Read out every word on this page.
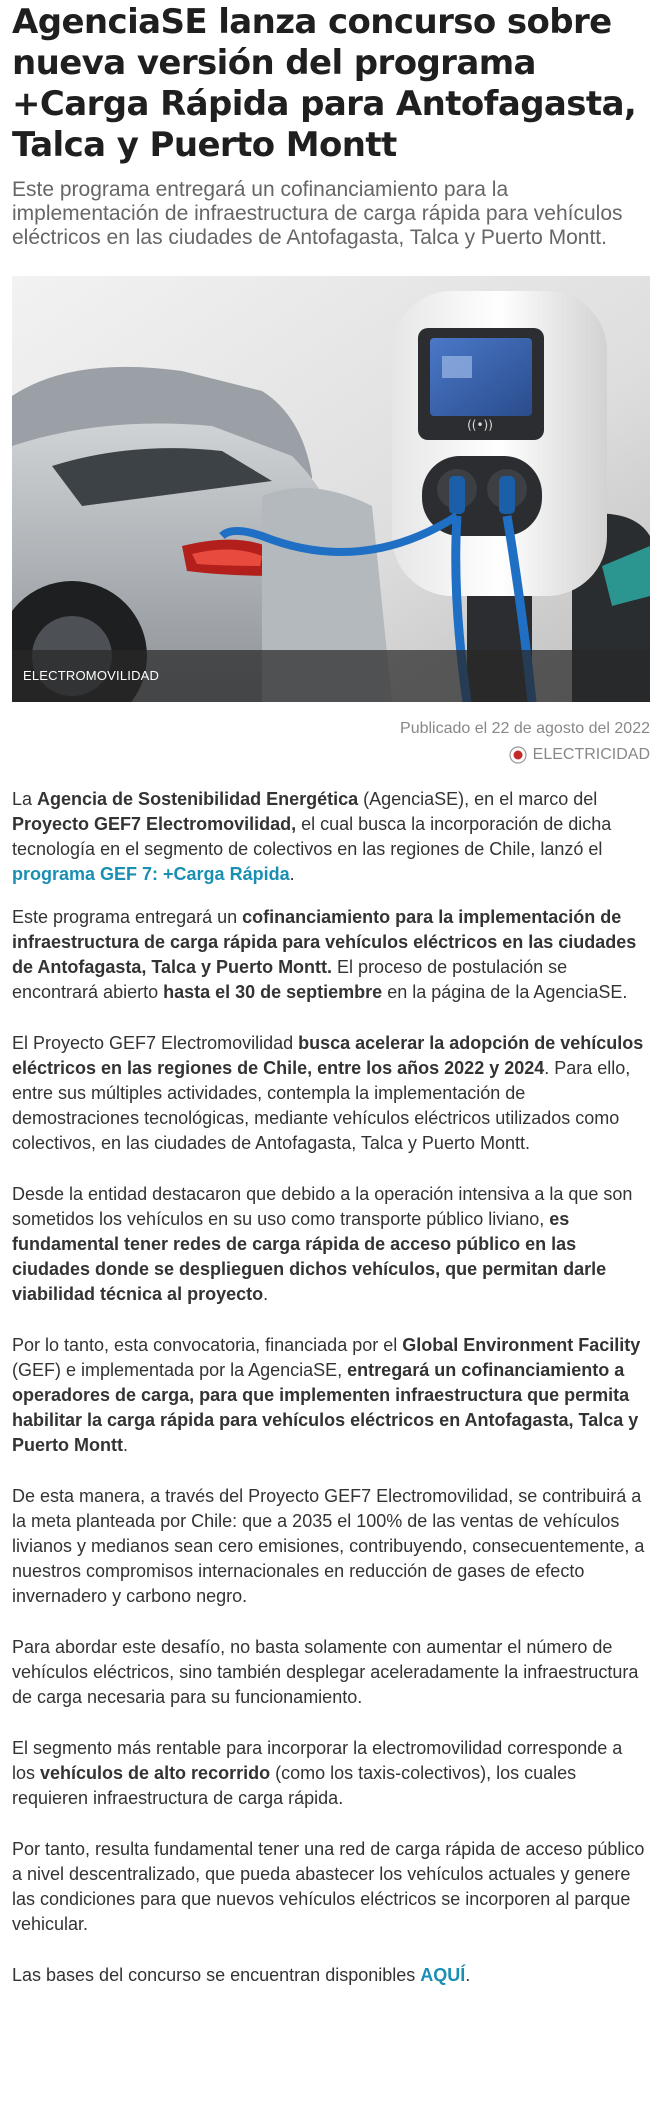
AgenciaSE lanza concurso sobre nueva versión del programa +Carga Rápida para Antofagasta, Talca y Puerto Montt
Este programa entregará un cofinanciamiento para la implementación de infraestructura de carga rápida para vehículos eléctricos en las ciudades de Antofagasta, Talca y Puerto Montt.
((•))
ELECTROMOVILIDAD
Publicado el 22 de agosto del 2022
ELECTRICIDAD

La Agencia de Sostenibilidad Energética (AgenciaSE), en el marco del Proyecto GEF7 Electromovilidad, el cual busca la incorporación de dicha tecnología en el segmento de colectivos en las regiones de Chile, lanzó el programa GEF 7: +Carga Rápida.

Este programa entregará un cofinanciamiento para la implementación de infraestructura de carga rápida para vehículos eléctricos en las ciudades de Antofagasta, Talca y Puerto Montt. El proceso de postulación se encontrará abierto hasta el 30 de septiembre en la página de la AgenciaSE.

El Proyecto GEF7 Electromovilidad busca acelerar la adopción de vehículos eléctricos en las regiones de Chile, entre los años 2022 y 2024. Para ello, entre sus múltiples actividades, contempla la implementación de demostraciones tecnológicas, mediante vehículos eléctricos utilizados como colectivos, en las ciudades de Antofagasta, Talca y Puerto Montt.

Desde la entidad destacaron que debido a la operación intensiva a la que son sometidos los vehículos en su uso como transporte público liviano, es fundamental tener redes de carga rápida de acceso público en las ciudades donde se desplieguen dichos vehículos, que permitan darle viabilidad técnica al proyecto.

Por lo tanto, esta convocatoria, financiada por el Global Environment Facility (GEF) e implementada por la AgenciaSE, entregará un cofinanciamiento a operadores de carga, para que implementen infraestructura que permita habilitar la carga rápida para vehículos eléctricos en Antofagasta, Talca y Puerto Montt.

De esta manera, a través del Proyecto GEF7 Electromovilidad, se contribuirá a la meta planteada por Chile: que a 2035 el 100% de las ventas de vehículos livianos y medianos sean cero emisiones, contribuyendo, consecuentemente, a nuestros compromisos internacionales en reducción de gases de efecto invernadero y carbono negro.

Para abordar este desafío, no basta solamente con aumentar el número de vehículos eléctricos, sino también desplegar aceleradamente la infraestructura de carga necesaria para su funcionamiento.

El segmento más rentable para incorporar la electromovilidad corresponde a los vehículos de alto recorrido (como los taxis-colectivos), los cuales requieren infraestructura de carga rápida.

Por tanto, resulta fundamental tener una red de carga rápida de acceso público a nivel descentralizado, que pueda abastecer los vehículos actuales y genere las condiciones para que nuevos vehículos eléctricos se incorporen al parque vehicular.

Las bases del concurso se encuentran disponibles AQUÍ.
